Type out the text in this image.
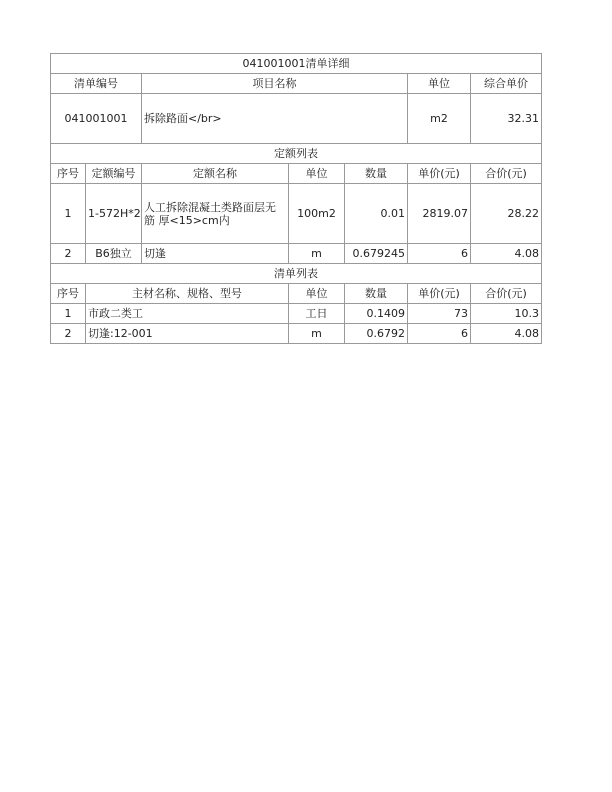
041001001清单详细						
清单编号		项目名称			单位	综合单价
041001001		拆除路面</br>			m2	32.31
定额列表						
序号	定额编号	定额名称	单位	数量	单价(元)	合价(元)
1	1-572H*2	人工拆除混凝土类路面层无筋 厚<15>cm内	100m2	0.01	2819.07	28.22
2	B6独立	切逢	m	0.679245	6	4.08
清单列表						
序号	主材名称、规格、型号		单位	数量	单价(元)	合价(元)
1	市政二类工		工日	0.1409	73	10.3
2	切逢:12-001		m	0.6792	6	4.08
